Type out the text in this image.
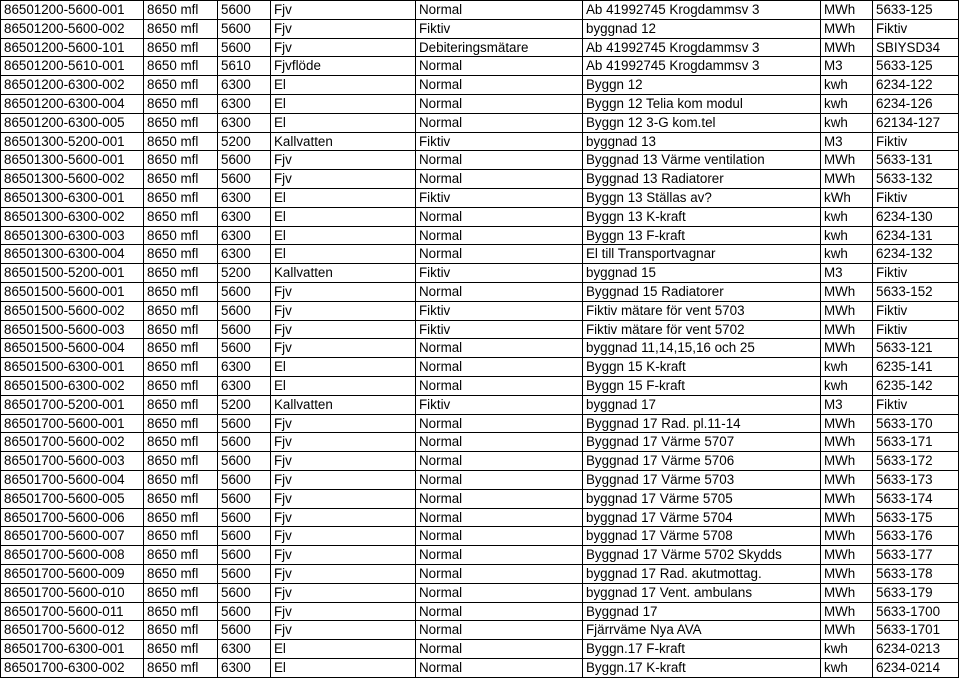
86501200-5600-001	8650 mfl	5600	Fjv	Normal	Ab 41992745 Krogdammsv 3	MWh	5633-125
86501200-5600-002	8650 mfl	5600	Fjv	Fiktiv	byggnad 12	MWh	Fiktiv
86501200-5600-101	8650 mfl	5600	Fjv	Debiteringsmätare	Ab 41992745 Krogdammsv 3	MWh	SBIYSD34
86501200-5610-001	8650 mfl	5610	Fjvflöde	Normal	Ab 41992745 Krogdammsv 3	M3	5633-125
86501200-6300-002	8650 mfl	6300	El	Normal	Byggn 12	kwh	6234-122
86501200-6300-004	8650 mfl	6300	El	Normal	Byggn 12 Telia kom modul	kwh	6234-126
86501200-6300-005	8650 mfl	6300	El	Normal	Byggn 12 3-G kom.tel	kwh	62134-127
86501300-5200-001	8650 mfl	5200	Kallvatten	Fiktiv	byggnad 13	M3	Fiktiv
86501300-5600-001	8650 mfl	5600	Fjv	Normal	Byggnad 13 Värme ventilation	MWh	5633-131
86501300-5600-002	8650 mfl	5600	Fjv	Normal	Byggnad 13 Radiatorer	MWh	5633-132
86501300-6300-001	8650 mfl	6300	El	Fiktiv	Byggn 13 Ställas av?	kWh	Fiktiv
86501300-6300-002	8650 mfl	6300	El	Normal	Byggn 13 K-kraft	kwh	6234-130
86501300-6300-003	8650 mfl	6300	El	Normal	Byggn 13 F-kraft	kwh	6234-131
86501300-6300-004	8650 mfl	6300	El	Normal	El till Transportvagnar	kwh	6234-132
86501500-5200-001	8650 mfl	5200	Kallvatten	Fiktiv	byggnad 15	M3	Fiktiv
86501500-5600-001	8650 mfl	5600	Fjv	Normal	Byggnad 15 Radiatorer	MWh	5633-152
86501500-5600-002	8650 mfl	5600	Fjv	Fiktiv	Fiktiv mätare för vent 5703	MWh	Fiktiv
86501500-5600-003	8650 mfl	5600	Fjv	Fiktiv	Fiktiv mätare för vent 5702	MWh	Fiktiv
86501500-5600-004	8650 mfl	5600	Fjv	Normal	byggnad 11,14,15,16 och 25	MWh	5633-121
86501500-6300-001	8650 mfl	6300	El	Normal	Byggn 15 K-kraft	kwh	6235-141
86501500-6300-002	8650 mfl	6300	El	Normal	Byggn 15 F-kraft	kwh	6235-142
86501700-5200-001	8650 mfl	5200	Kallvatten	Fiktiv	byggnad 17	M3	Fiktiv
86501700-5600-001	8650 mfl	5600	Fjv	Normal	Byggnad 17 Rad. pl.11-14	MWh	5633-170
86501700-5600-002	8650 mfl	5600	Fjv	Normal	Byggnad 17 Värme 5707	MWh	5633-171
86501700-5600-003	8650 mfl	5600	Fjv	Normal	Byggnad 17 Värme 5706	MWh	5633-172
86501700-5600-004	8650 mfl	5600	Fjv	Normal	Byggnad 17 Värme 5703	MWh	5633-173
86501700-5600-005	8650 mfl	5600	Fjv	Normal	byggnad 17 Värme 5705	MWh	5633-174
86501700-5600-006	8650 mfl	5600	Fjv	Normal	byggnad 17 Värme 5704	MWh	5633-175
86501700-5600-007	8650 mfl	5600	Fjv	Normal	byggnad 17 Värme 5708	MWh	5633-176
86501700-5600-008	8650 mfl	5600	Fjv	Normal	Byggnad 17 Värme 5702 Skydds	MWh	5633-177
86501700-5600-009	8650 mfl	5600	Fjv	Normal	byggnad 17 Rad. akutmottag.	MWh	5633-178
86501700-5600-010	8650 mfl	5600	Fjv	Normal	byggnad 17 Vent. ambulans	MWh	5633-179
86501700-5600-011	8650 mfl	5600	Fjv	Normal	Byggnad 17	MWh	5633-1700
86501700-5600-012	8650 mfl	5600	Fjv	Normal	Fjärrväme Nya AVA	MWh	5633-1701
86501700-6300-001	8650 mfl	6300	El	Normal	Byggn.17 F-kraft	kwh	6234-0213
86501700-6300-002	8650 mfl	6300	El	Normal	Byggn.17 K-kraft	kwh	6234-0214
